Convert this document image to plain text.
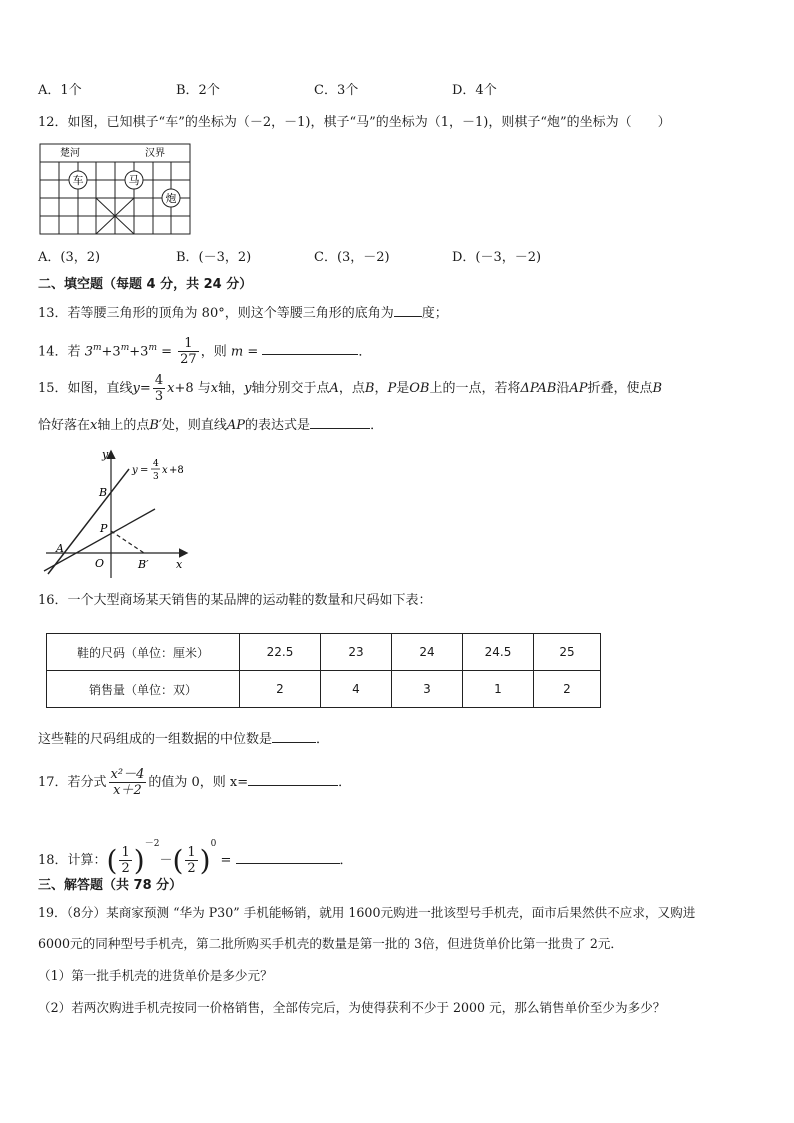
A．1个	B．2个	C．3个	D．4个
12．如图，已知棋子“车”的坐标为（－2，－1)，棋子“马”的坐标为（1，－1)，则棋子“炮”的坐标为（　　）
楚河	汉界
车	马
炮
A．(3，2)	B．(－3，2)	C．(3，－2)	D．(－3，－2)
二、填空题（每题 4 分，共 24 分）
13．若等腰三角形的顶角为 80°，则这个等腰三角形的底角为 度；
14．若 $3^m+3^m+3^m = \frac{1}{27}$ ，则 m =	．
15．如图，直线$y= \frac{4}{3} x+8$ 与x轴，y轴分别交于点A，点B，P是OB上的一点，若将ΔPAB沿AP折叠，使点B
恰好落在x轴上的点B′处，则直线AP的表达式是	．
y
x
A
B
P
O	B′
y =
4
3
x +8
16．一个大型商场某天销售的某品牌的运动鞋的数量和尺码如下表：
鞋的尺码（单位：厘米）	22.5	23	24	24.5	25
销售量（单位：双）	2	4	3	1	2
这些鞋的尺码组成的一组数据的中位数是	．
17．若分式 $\frac{\text{x²－4}}{x+2}$ 的值为 0，则 x=	．
18．计算：( $\frac{1}{2} )^{-2}-( \frac{1}{2} )^0$ =	．
三、解答题（共 78 分）
19．（8分）某商家预测 “华为 P30” 手机能畅销，就用 1600元购进一批该型号手机壳，面市后果然供不应求，又购进
6000元的同种型号手机壳，第二批所购买手机壳的数量是第一批的 3倍，但进货单价比第一批贵了 2元．
（1）第一批手机壳的进货单价是多少元？
（2）若两次购进手机壳按同一价格销售，全部传完后，为使得获利不少于 2000 元，那么销售单价至少为多少？
